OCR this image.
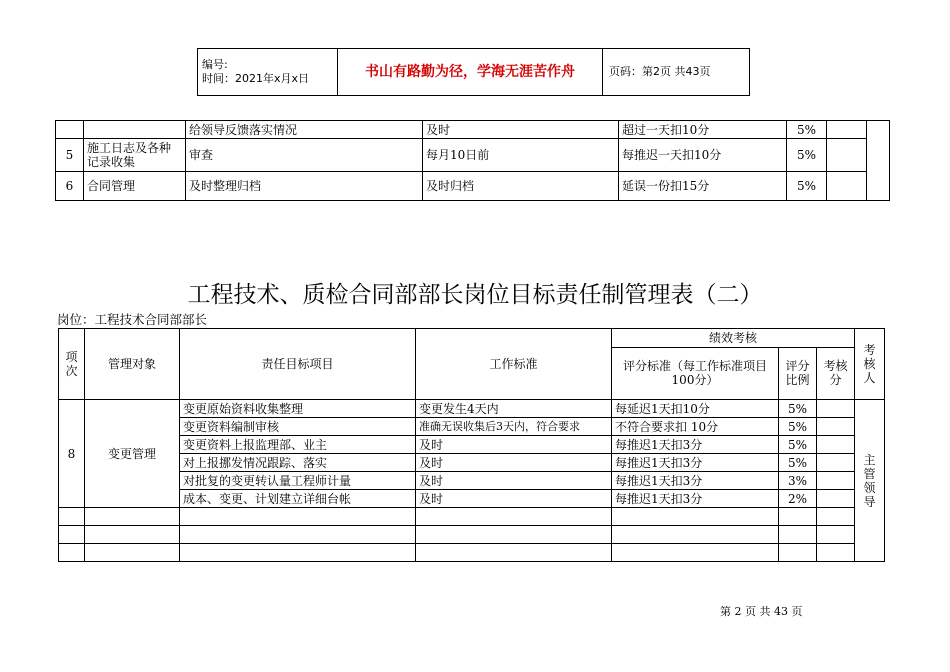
编号:
时间：2021年x月x日	书山有路勤为径，学海无涯苦作舟	页码：第2页 共43页
		给领导反馈落实情况	及时	超过一天扣10分	5%		
5	施工日志及各种记录收集	审查	每月10日前	每推迟一天扣10分	5%		
6	合同管理	及时整理归档	及时归档	延误一份扣15分	5%		
工程技术、质检合同部部长岗位目标责任制管理表（二）
岗位：工程技术合同部部长
项次	管理对象	责任目标项目	工作标准	绩效考核			考核人
				评分标准（每工作标准项目100分）	评分比例	考核分	
8	变更管理	变更原始资料收集整理	变更发生4天内	每延迟1天扣10分	5%		主管领导
		变更资料编制审核	准确无误收集后3天内，符合要求	不符合要求扣 10分	5%		
		变更资料上报监理部、业主	及时	每推迟1天扣3分	5%		
		对上报挪发情况跟踪、落实	及时	每推迟1天扣3分	5%		
		对批复的变更转认量工程师计量	及时	每推迟1天扣3分	3%		
		成本、变更、计划建立详细台帐	及时	每推迟1天扣3分	2%		

第 2 页 共 43 页
